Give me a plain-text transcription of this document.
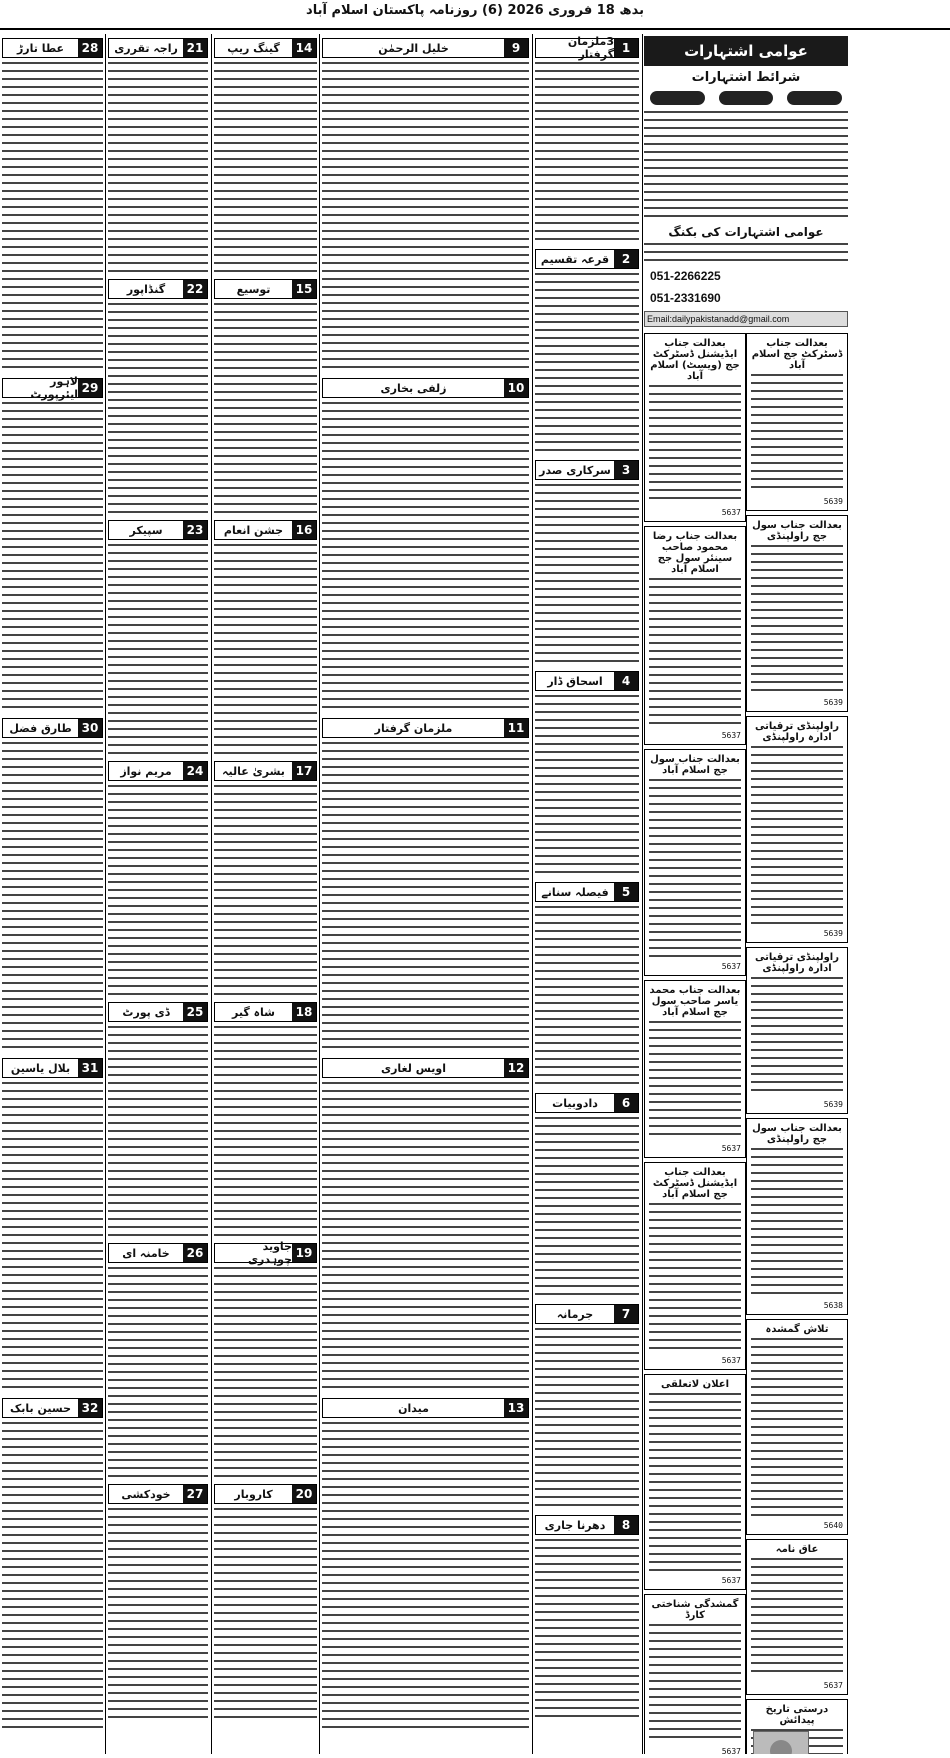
بدھ 18 فروری 2026 (6) روزنامہ پاکستان اسلام آباد
عوامی اشتہارات
شرائط اشتہارات

عوامی اشتہارات کی بکنگ
051-2266225
051-2331690
Email:dailypakistanadd@gmail.com
بعدالت جناب ڈسٹرکٹ جج اسلام آباد
5639
بعدالت جناب سول جج راولپنڈی
5639
راولپنڈی ترقیاتی ادارہ راولپنڈی
5639
راولپنڈی ترقیاتی ادارہ راولپنڈی
5639
بعدالت جناب سول جج راولپنڈی
5638
تلاش گمشدہ
5640
عاق نامہ
5637
درستی تاریخ پیدائش
بعدالت جناب ایڈیشنل ڈسٹرکٹ جج (ویسٹ) اسلام آباد
5637
بعدالت جناب رضا محمود صاحب سینئر سول جج اسلام آباد
5637
بعدالت جناب سول جج اسلام آباد
5637
بعدالت جناب محمد یاسر صاحب سول جج اسلام آباد
5637
بعدالت جناب ایڈیشنل ڈسٹرکٹ جج اسلام آباد
5637
اعلان لاتعلقی
5637
گمشدگی شناختی کارڈ
5637
1
3ملزمان گرفتار
2
قرعہ تقسیم
3
سرکاری صدر
4
اسحاق ڈار
5
فیصلہ سنانے
6
دادوبیات
7
جرمانہ
8
دھرنا جاری
9
خلیل الرحمٰن
10
زلفی بخاری
11
ملزمان گرفتار
12
اویس لغاری
13
میدان
14
گینگ ریپ
15
توسیع
16
جشن انعام
17
بشریٰ عالیہ
18
شاہ گیر
19
جاوید چوہدری
20
کاروبار
21
راجہ تقرری
22
گنڈاپور
23
سپیکر
24
مریم نواز
25
ڈی پورٹ
26
خامنہ ای
27
خودکشی
28
عطا تارڑ
29
لاہور ایئرپورٹ
30
طارق فضل
31
بلال یاسین
32
حسین بابک
